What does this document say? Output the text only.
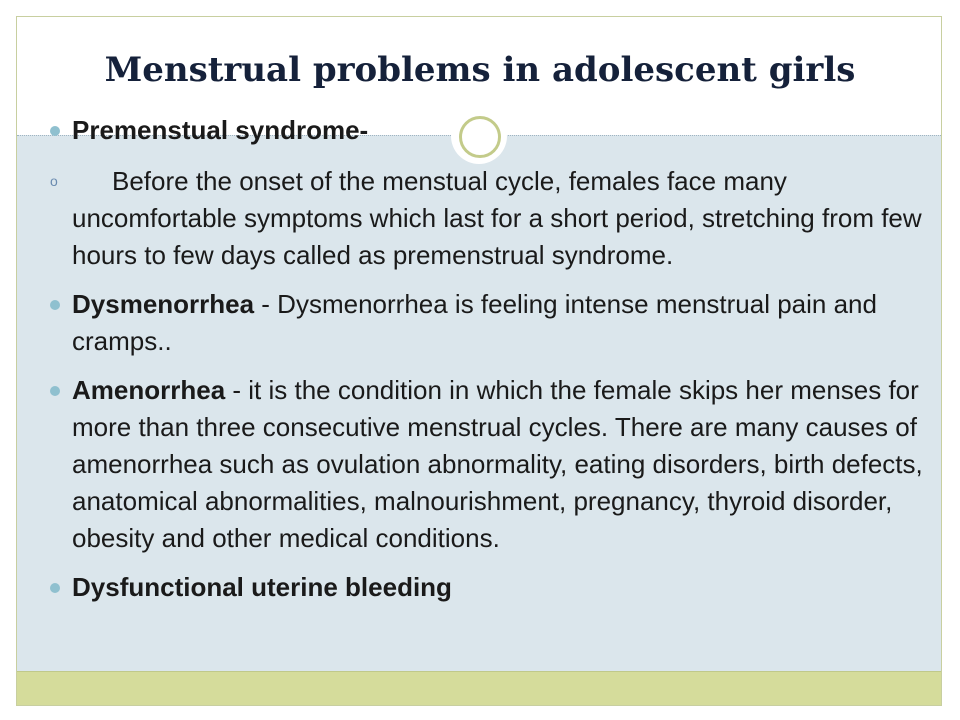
Menstrual problems in adolescent girls

Premenstual syndrome-

o Before the onset of the menstual cycle, females face many uncomfortable symptoms which last for a short period, stretching from few hours to few days called as premenstrual syndrome.

Dysmenorrhea - Dysmenorrhea is feeling intense menstrual pain and cramps..

Amenorrhea - it is the condition in which the female skips her menses for more than three consecutive menstrual cycles. There are many causes of amenorrhea such as ovulation abnormality, eating disorders, birth defects, anatomical abnormalities, malnourishment, pregnancy, thyroid disorder, obesity and other medical conditions.

Dysfunctional uterine bleeding
